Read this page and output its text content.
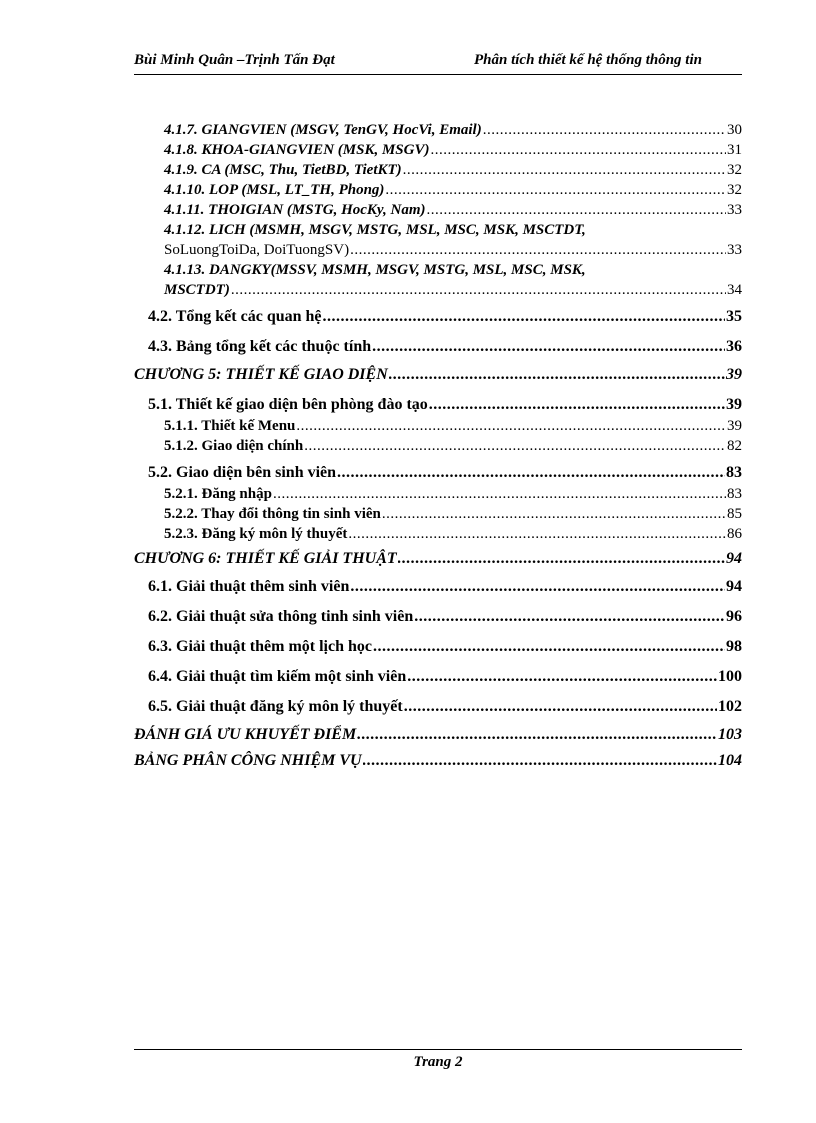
Bùi Minh Quân –Trịnh Tấn Đạt	Phân tích thiết kế hệ thống thông tin
4.1.7. GIANGVIEN (MSGV, TenGV, HocVi, Email) .....	30
4.1.8. KHOA-GIANGVIEN (MSK, MSGV) .....	31
4.1.9. CA (MSC, Thu, TietBD, TietKT) .....	32
4.1.10. LOP (MSL, LT_TH, Phong) .....	32
4.1.11. THOIGIAN (MSTG, HocKy, Nam) .....	33
4.1.12. LICH (MSMH, MSGV, MSTG, MSL, MSC, MSK, MSCTDT,
SoLuongToiDa, DoiTuongSV) .....	33
4.1.13. DANGKY(MSSV, MSMH, MSGV, MSTG, MSL, MSC, MSK,
MSCTDT) .....	34
4.2. Tổng kết các quan hệ .....	35
4.3. Bảng tổng kết các thuộc tính .....	36
CHƯƠNG 5: THIẾT KẾ GIAO DIỆN .....	39
5.1. Thiết kế giao diện bên phòng đào tạo .....	39
5.1.1. Thiết kế Menu .....	39
5.1.2. Giao diện chính .....	82
5.2. Giao diện bên sinh viên .....	83
5.2.1. Đăng nhập .....	83
5.2.2. Thay đổi thông tin sinh viên .....	85
5.2.3. Đăng ký môn lý thuyết .....	86
CHƯƠNG 6: THIẾT KẾ GIẢI THUẬT .....	94
6.1. Giải thuật thêm sinh viên .....	94
6.2. Giải thuật sửa thông tinh sinh viên .....	96
6.3. Giải thuật thêm một lịch học .....	98
6.4. Giải thuật tìm kiếm một sinh viên .....	100
6.5. Giải thuật đăng ký môn lý thuyết .....	102
ĐÁNH GIÁ ƯU KHUYẾT ĐIỂM .....	103
BẢNG PHÂN CÔNG NHIỆM VỤ .....	104
Trang 2
